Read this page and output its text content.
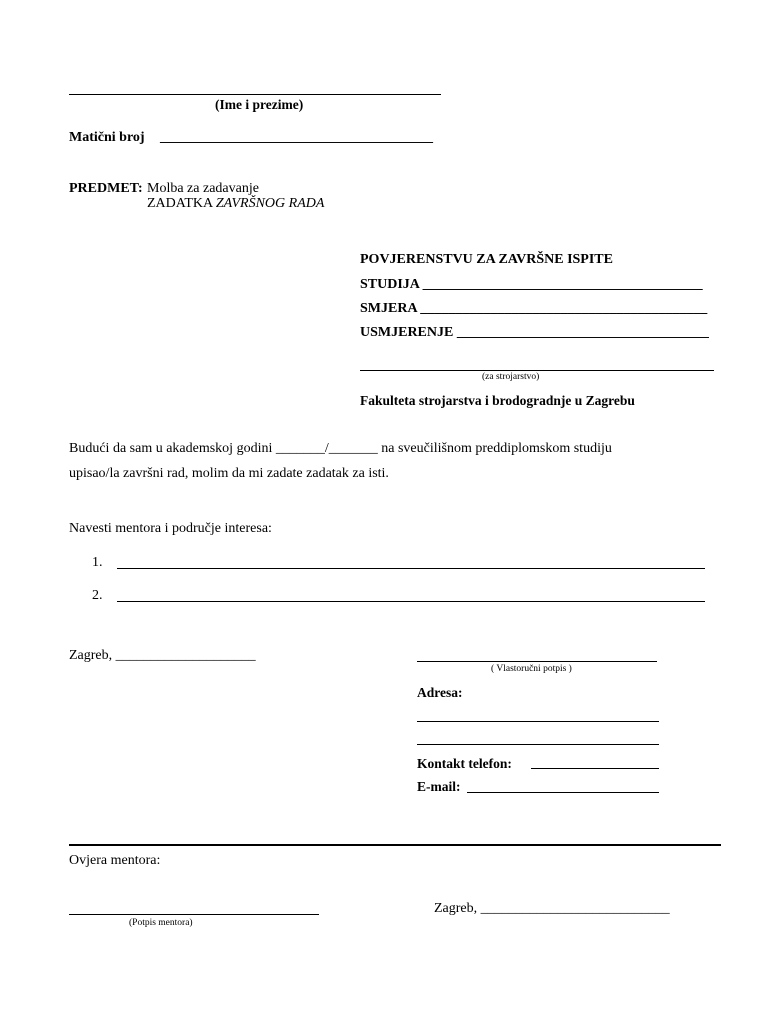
(Ime i prezime)
Matični broj _______________________________________
PREDMET: Molba za zadavanje
ZADATKA ZAVRŠNOG RADA
POVJERENSTVU ZA ZAVRŠNE ISPITE
STUDIJA ________________________________________
SMJERA _________________________________________
USMJERENJE ____________________________________
(za strojarstvo)
Fakulteta strojarstva i brodogradnje u Zagrebu
Budući da sam u akademskoj godini _______/_______ na sveučilišnom preddiplomskom studiju
upisao/la završni rad, molim da mi zadate zadatak za isti.
Navesti mentora i područje interesa:
1.
2.
Zagreb, ____________________
( Vlastoručni potpis )
Adresa:
Kontakt telefon:
E-mail:
Ovjera mentora:
(Potpis mentora)
Zagreb, ___________________________
